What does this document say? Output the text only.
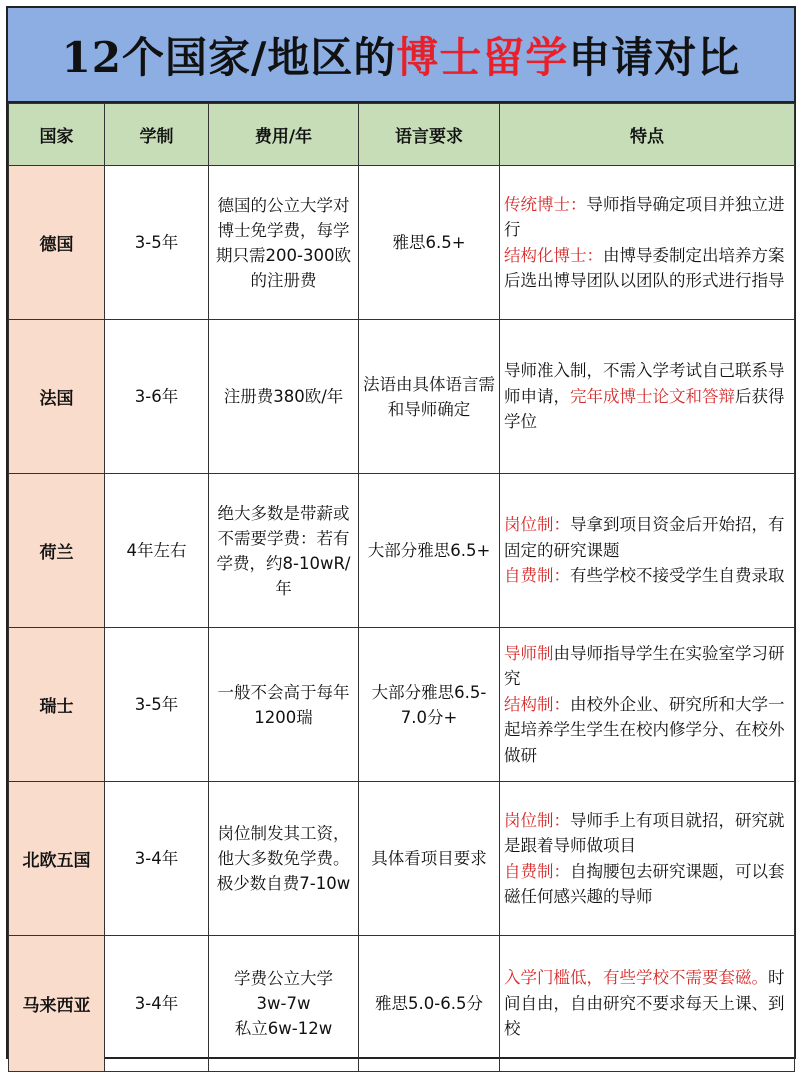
12个国家/地区的博士留学申请对比
国家	学制	费用/年	语言要求	特点
德国	3-5年	德国的公立大学对博士免学费，每学期只需200-300欧的注册费	雅思6.5+	传统博士：导师指导确定项目并独立进行
结构化博士：由博导委制定出培养方案后选出博导团队以团队的形式进行指导
法国	3-6年	注册费380欧/年	法语由具体语言需和导师确定	导师准入制，不需入学考试自己联系导师申请，完年成博士论文和答辩后获得学位
荷兰	4年左右	绝大多数是带薪或不需要学费：若有学费，约8-10wR/年	大部分雅思6.5+	岗位制：导拿到项目资金后开始招，有固定的研究课题
自费制：有些学校不接受学生自费录取
瑞士	3-5年	一般不会高于每年1200瑞	大部分雅思6.5-7.0分+	导师制由导师指导学生在实验室学习研究
结构制：由校外企业、研究所和大学一起培养学生学生在校内修学分、在校外做研
北欧五国	3-4年	岗位制发其工资，他大多数免学费。极少数自费7-10w	具体看项目要求	岗位制：导师手上有项目就招，研究就是跟着导师做项目
自费制：自掏腰包去研究课题，可以套磁任何感兴趣的导师
马来西亚	3-4年	学费公立大学
3w-7w
私立6w-12w	雅思5.0-6.5分	入学门槛低，有些学校不需要套磁。时间自由，自由研究不要求每天上课、到校
